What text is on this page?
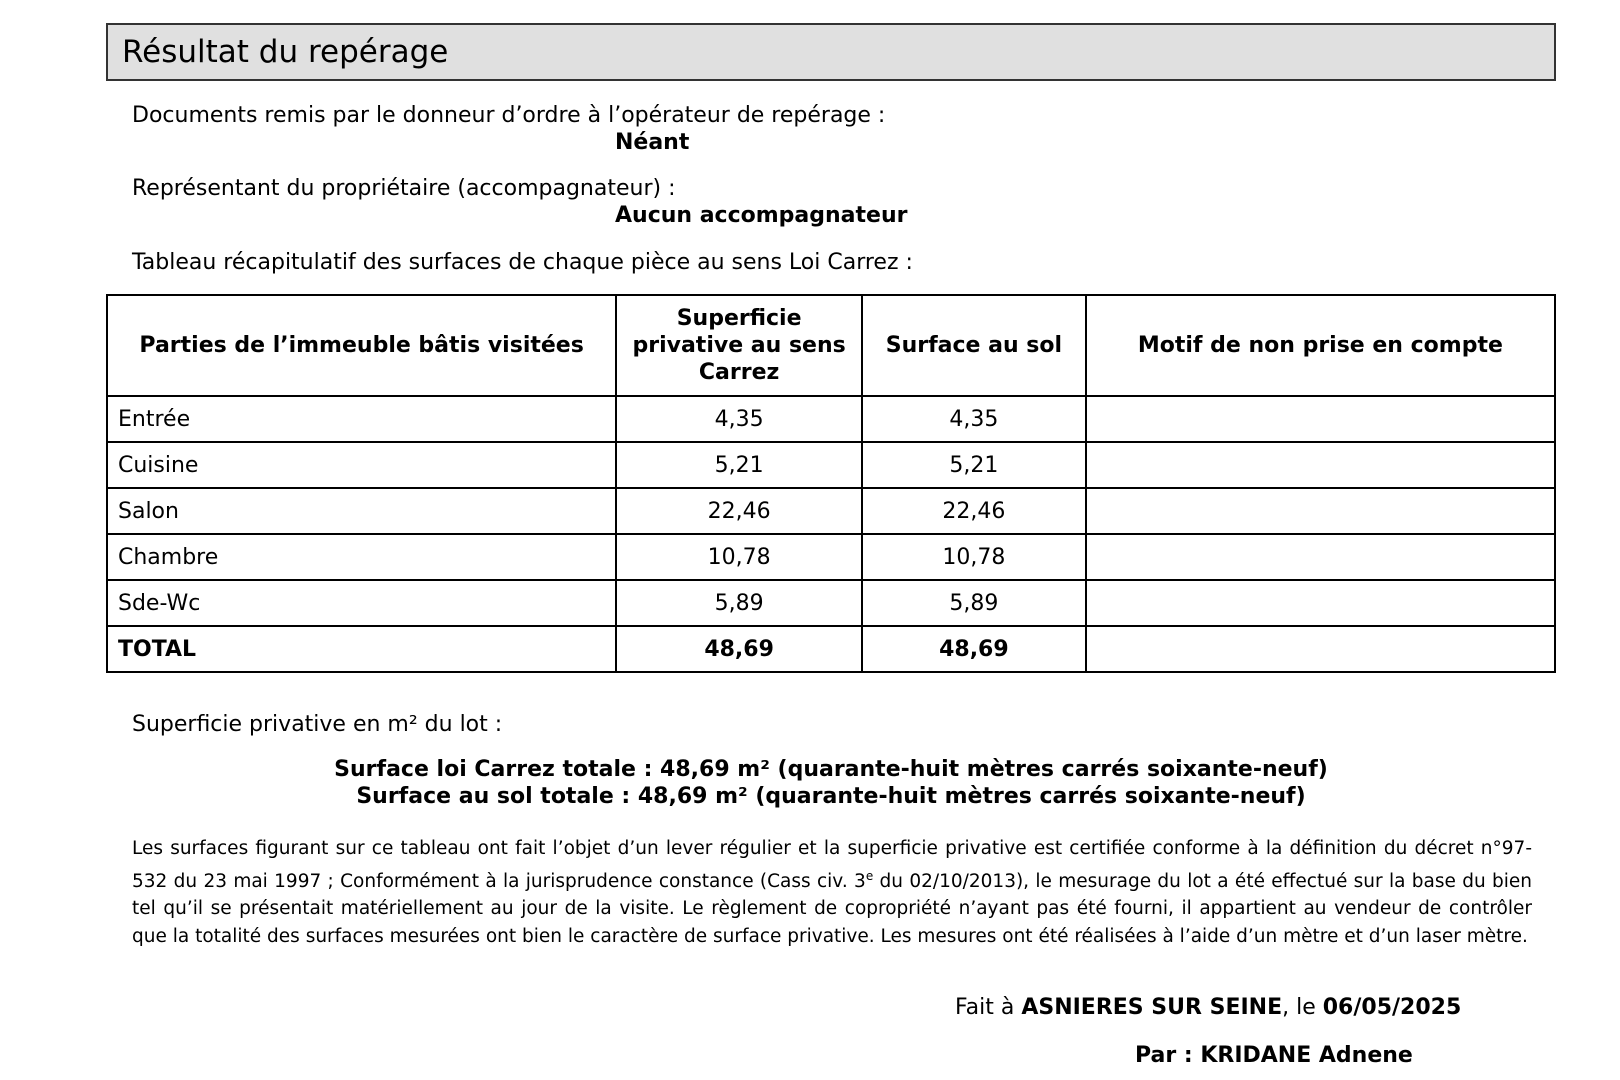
Résultat du repérage
Documents remis par le donneur d’ordre à l’opérateur de repérage :
Néant
Représentant du propriétaire (accompagnateur) :
Aucun accompagnateur
Tableau récapitulatif des surfaces de chaque pièce au sens Loi Carrez :
Parties de l’immeuble bâtis visitées	Superficie
privative au sens
Carrez	Surface au sol	Motif de non prise en compte
Entrée	4,35	4,35	
Cuisine	5,21	5,21	
Salon	22,46	22,46	
Chambre	10,78	10,78	
Sde-Wc	5,89	5,89	
TOTAL	48,69	48,69	
Superficie privative en m² du lot :
Surface loi Carrez totale : 48,69 m² (quarante-huit mètres carrés soixante-neuf)
Surface au sol totale : 48,69 m² (quarante-huit mètres carrés soixante-neuf)
Les surfaces figurant sur ce tableau ont fait l’objet d’un lever régulier et la superficie privative est certifiée conforme à la définition du décret n°97-532 du 23 mai 1997 ; Conformément à la jurisprudence constance (Cass civ. 3e du 02/10/2013), le mesurage du lot a été effectué sur la base du bien tel qu’il se présentait matériellement au jour de la visite. Le règlement de copropriété n’ayant pas été fourni, il appartient au vendeur de contrôler que la totalité des surfaces mesurées ont bien le caractère de surface privative. Les mesures ont été réalisées à l’aide d’un mètre et d’un laser mètre.
Fait à ASNIERES SUR SEINE, le 06/05/2025
Par : KRIDANE Adnene
